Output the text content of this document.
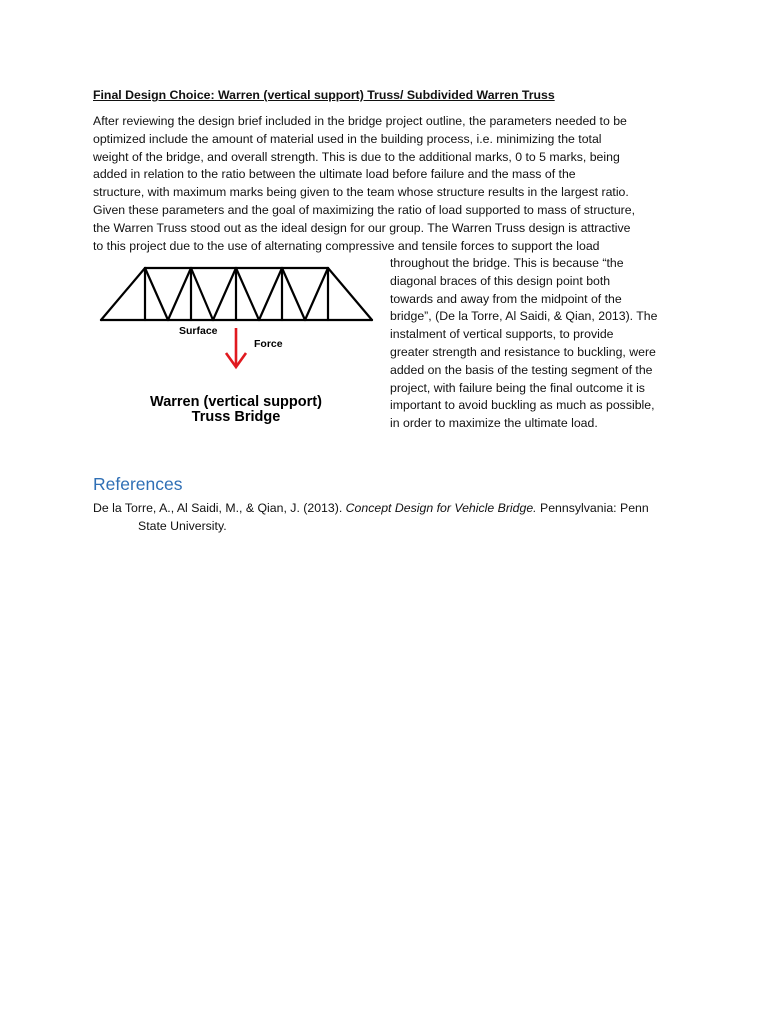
Final Design Choice: Warren (vertical support) Truss/ Subdivided Warren Truss
After reviewing the design brief included in the bridge project outline, the parameters needed to be
optimized include the amount of material used in the building process, i.e. minimizing the total
weight of the bridge, and overall strength. This is due to the additional marks, 0 to 5 marks, being
added in relation to the ratio between the ultimate load before failure and the mass of the
structure, with maximum marks being given to the team whose structure results in the largest ratio.
Given these parameters and the goal of maximizing the ratio of load supported to mass of structure,
the Warren Truss stood out as the ideal design for our group. The Warren Truss design is attractive
to this project due to the use of alternating compressive and tensile forces to support the load
throughout the bridge. This is because “the
diagonal braces of this design point both
towards and away from the midpoint of the
bridge”, (De la Torre, Al Saidi, & Qian, 2013). The
instalment of vertical supports, to provide
greater strength and resistance to buckling, were
added on the basis of the testing segment of the
project, with failure being the final outcome it is
important to avoid buckling as much as possible,
in order to maximize the ultimate load.
Surface
Force
Warren (vertical support)
Truss Bridge
References
De la Torre, A., Al Saidi, M., & Qian, J. (2013). Concept Design for Vehicle Bridge. Pennsylvania: Penn
State University.
